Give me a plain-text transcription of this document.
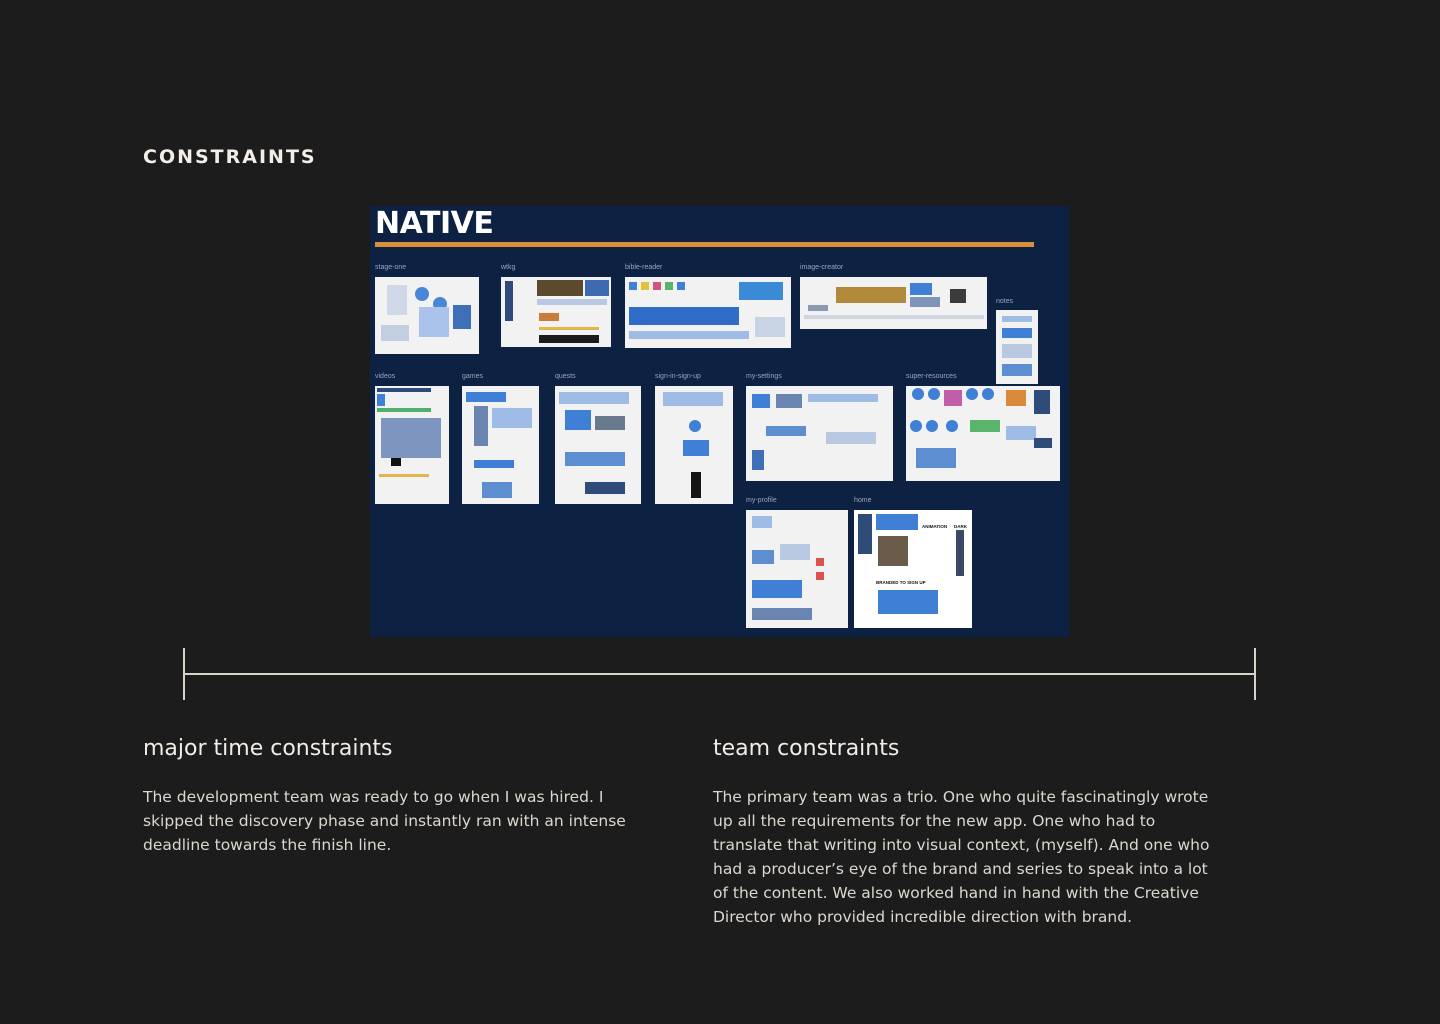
CONSTRAINTS
NATIVE
stage-one	wtkg	bible-reader	image-creator
notes
videos	games	quests	sign-in-sign-up	my-settings	super-resources
my-profile	home
ANIMATION DARK
BRANDED TO SIGN UP
major time constraints
The development team was ready to go when I was hired. I skipped the discovery phase and instantly ran with an intense deadline towards the finish line.
team constraints
The primary team was a trio. One who quite fascinatingly wrote up all the requirements for the new app. One who had to translate that writing into visual context, (myself). And one who had a producer’s eye of the brand and series to speak into a lot of the content. We also worked hand in hand with the Creative Director who provided incredible direction with brand.
